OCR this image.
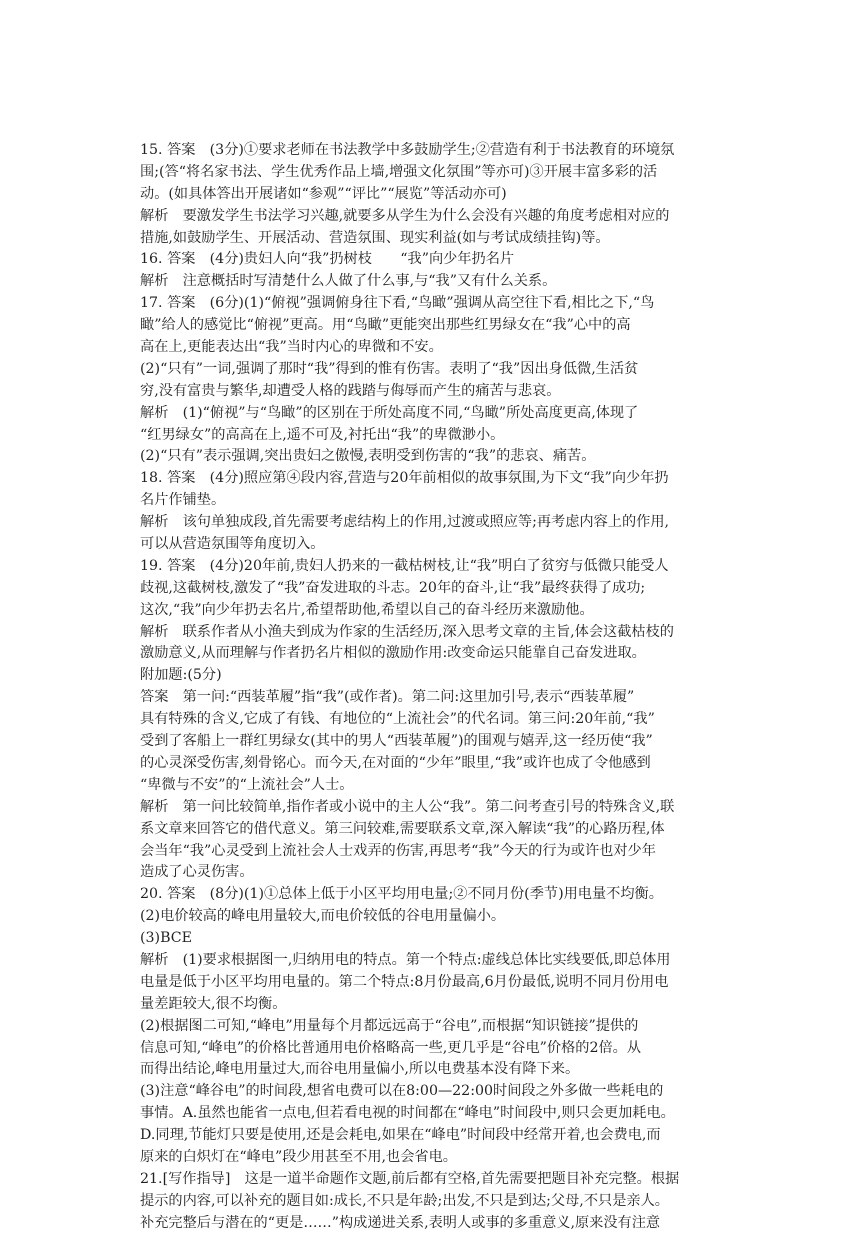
15. 答案　(3分)①要求老师在书法教学中多鼓励学生;②营造有利于书法教育的环境氛
围;(答“将名家书法、学生优秀作品上墙,增强文化氛围”等亦可)③开展丰富多彩的活
动。(如具体答出开展诸如“参观”“评比”“展览”等活动亦可)
解析　要激发学生书法学习兴趣,就要多从学生为什么会没有兴趣的角度考虑相对应的
措施,如鼓励学生、开展活动、营造氛围、现实利益(如与考试成绩挂钩)等。
16. 答案　(4分)贵妇人向“我”扔树枝　　“我”向少年扔名片
解析　注意概括时写清楚什么人做了什么事,与“我”又有什么关系。
17. 答案　(6分)(1)“俯视”强调俯身往下看,“鸟瞰”强调从高空往下看,相比之下,“鸟
瞰”给人的感觉比“俯视”更高。用“鸟瞰”更能突出那些红男绿女在“我”心中的高
高在上,更能表达出“我”当时内心的卑微和不安。
(2)“只有”一词,强调了那时“我”得到的惟有伤害。表明了“我”因出身低微,生活贫
穷,没有富贵与繁华,却遭受人格的践踏与侮辱而产生的痛苦与悲哀。
解析　(1)“俯视”与“鸟瞰”的区别在于所处高度不同,“鸟瞰”所处高度更高,体现了
“红男绿女”的高高在上,遥不可及,衬托出“我”的卑微渺小。
(2)“只有”表示强调,突出贵妇之傲慢,表明受到伤害的“我”的悲哀、痛苦。
18. 答案　(4分)照应第④段内容,营造与20年前相似的故事氛围,为下文“我”向少年扔
名片作铺垫。
解析　该句单独成段,首先需要考虑结构上的作用,过渡或照应等;再考虑内容上的作用,
可以从营造氛围等角度切入。
19. 答案　(4分)20年前,贵妇人扔来的一截枯树枝,让“我”明白了贫穷与低微只能受人
歧视,这截树枝,激发了“我”奋发进取的斗志。20年的奋斗,让“我”最终获得了成功;
这次,“我”向少年扔去名片,希望帮助他,希望以自己的奋斗经历来激励他。
解析　联系作者从小渔夫到成为作家的生活经历,深入思考文章的主旨,体会这截枯枝的
激励意义,从而理解与作者扔名片相似的激励作用:改变命运只能靠自己奋发进取。
附加题:(5分)
答案　第一问:“西装革履”指“我”(或作者)。第二问:这里加引号,表示“西装革履”
具有特殊的含义,它成了有钱、有地位的“上流社会”的代名词。第三问:20年前,“我”
受到了客船上一群红男绿女(其中的男人“西装革履”)的围观与嬉弄,这一经历使“我”
的心灵深受伤害,刻骨铭心。而今天,在对面的“少年”眼里,“我”或许也成了令他感到
“卑微与不安”的“上流社会”人士。
解析　第一问比较简单,指作者或小说中的主人公“我”。第二问考查引号的特殊含义,联
系文章来回答它的借代意义。第三问较难,需要联系文章,深入解读“我”的心路历程,体
会当年“我”心灵受到上流社会人士戏弄的伤害,再思考“我”今天的行为或许也对少年
造成了心灵伤害。
20. 答案　(8分)(1)①总体上低于小区平均用电量;②不同月份(季节)用电量不均衡。
(2)电价较高的峰电用量较大,而电价较低的谷电用量偏小。
(3)BCE
解析　(1)要求根据图一,归纳用电的特点。第一个特点:虚线总体比实线要低,即总体用
电量是低于小区平均用电量的。第二个特点:8月份最高,6月份最低,说明不同月份用电
量差距较大,很不均衡。
(2)根据图二可知,“峰电”用量每个月都远远高于“谷电”,而根据“知识链接”提供的
信息可知,“峰电”的价格比普通用电价格略高一些,更几乎是“谷电”价格的2倍。从
而得出结论,峰电用量过大,而谷电用量偏小,所以电费基本没有降下来。
(3)注意“峰谷电”的时间段,想省电费可以在8:00—22:00时间段之外多做一些耗电的
事情。A.虽然也能省一点电,但若看电视的时间都在“峰电”时间段中,则只会更加耗电。
D.同理,节能灯只要是使用,还是会耗电,如果在“峰电”时间段中经常开着,也会费电,而
原来的白炽灯在“峰电”段少用甚至不用,也会省电。
21.[写作指导]　这是一道半命题作文题,前后都有空格,首先需要把题目补充完整。根据
提示的内容,可以补充的题目如:成长,不只是年龄;出发,不只是到达;父母,不只是亲人。
补充完整后与潜在的“更是……”构成递进关系,表明人或事的多重意义,原来没有注意
